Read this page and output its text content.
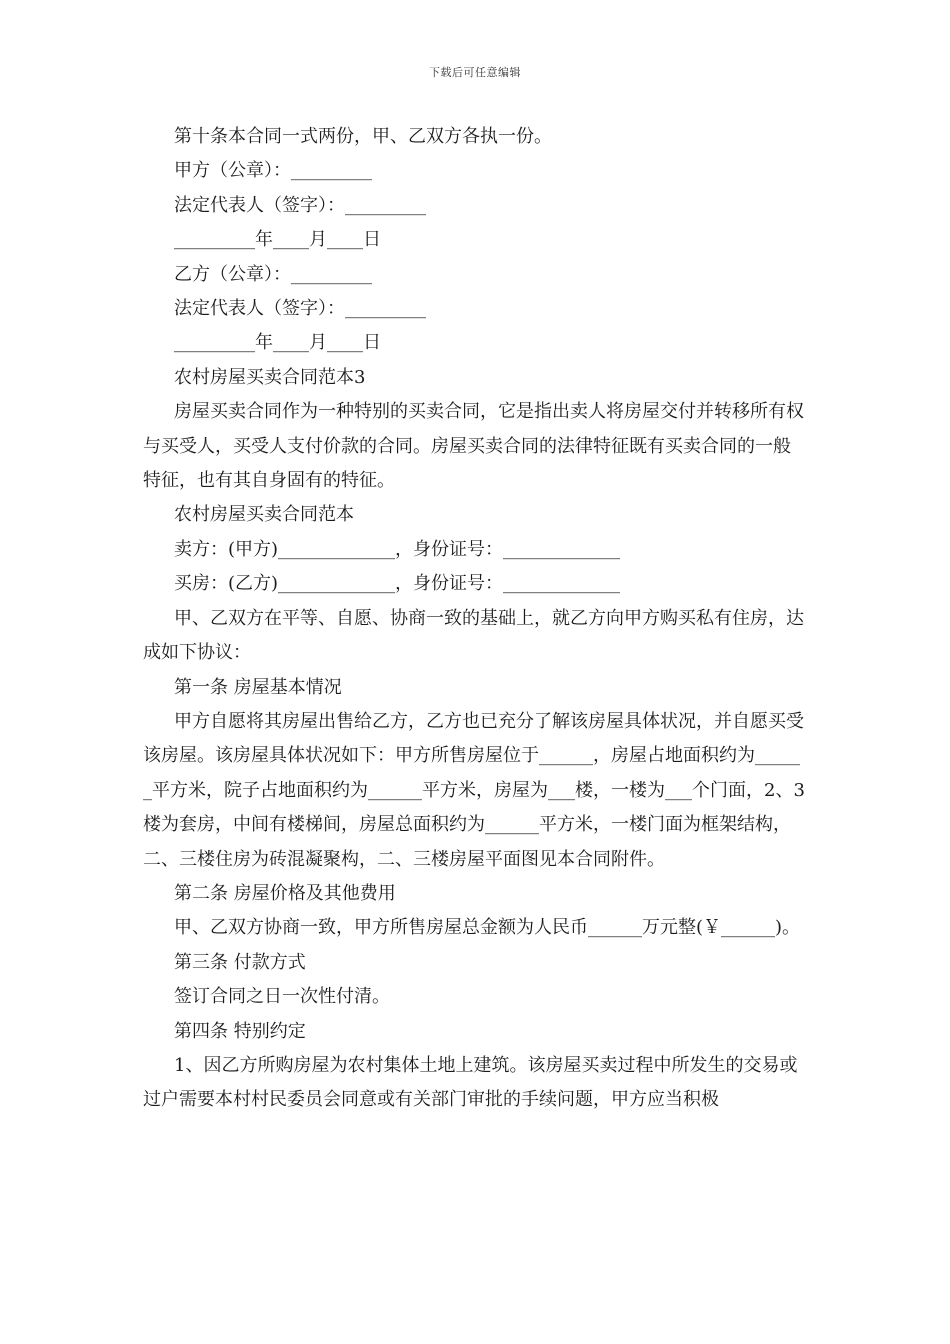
下载后可任意编辑

第十条本合同一式两份，甲、乙双方各执一份。

甲方（公章）：_________

法定代表人（签字）：_________

_________年____月____日

乙方（公章）：_________

法定代表人（签字）：_________

_________年____月____日

农村房屋买卖合同范本3

房屋买卖合同作为一种特别的买卖合同，它是指出卖人将房屋交付并转移所有权与买受人，买受人支付价款的合同。房屋买卖合同的法律特征既有买卖合同的一般特征，也有其自身固有的特征。

农村房屋买卖合同范本

卖方：(甲方)_____________，身份证号：_____________

买房：(乙方)_____________，身份证号：_____________

甲、乙双方在平等、自愿、协商一致的基础上，就乙方向甲方购买私有住房，达成如下协议：

第一条 房屋基本情况

甲方自愿将其房屋出售给乙方，乙方也已充分了解该房屋具体状况，并自愿买受该房屋。该房屋具体状况如下：甲方所售房屋位于______，房屋占地面积约为______平方米，院子占地面积约为______平方米，房屋为___楼，一楼为___个门面，2、3楼为套房，中间有楼梯间，房屋总面积约为______平方米，一楼门面为框架结构，二、三楼住房为砖混凝聚构，二、三楼房屋平面图见本合同附件。

第二条 房屋价格及其他费用

甲、乙双方协商一致，甲方所售房屋总金额为人民币______万元整(￥______)。

第三条 付款方式

签订合同之日一次性付清。

第四条 特别约定

1、因乙方所购房屋为农村集体土地上建筑。该房屋买卖过程中所发生的交易或过户需要本村村民委员会同意或有关部门审批的手续问题，甲方应当积极
